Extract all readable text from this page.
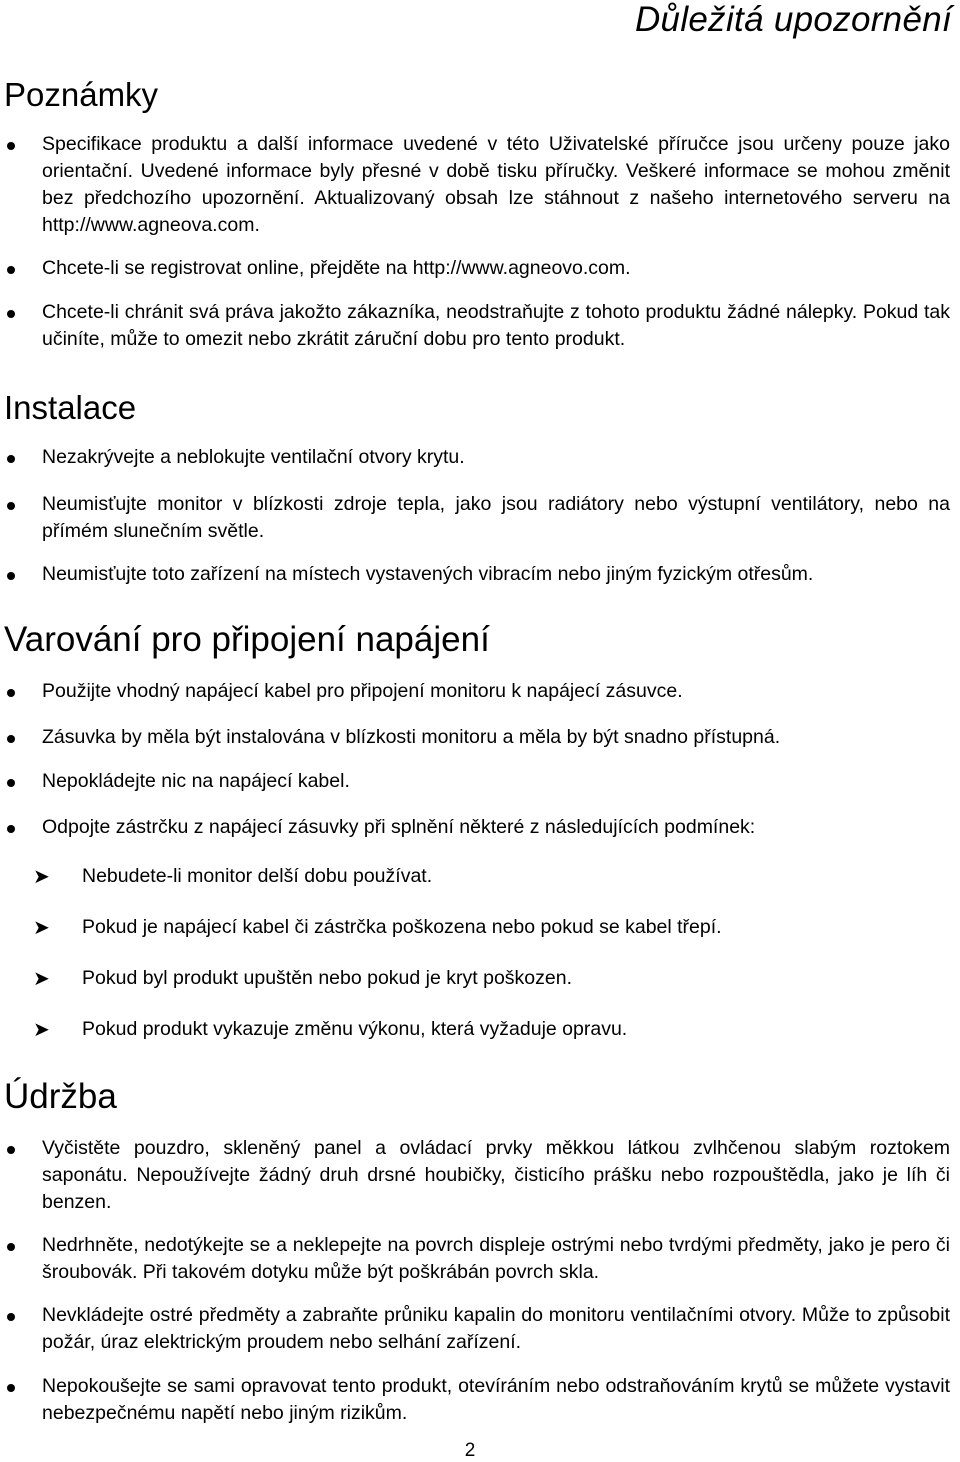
Důležitá upozornění
Poznámky
Specifikace produktu a další informace uvedené v této Uživatelské příručce jsou určeny pouze jako orientační. Uvedené informace byly přesné v době tisku příručky. Veškeré informace se mohou změnit bez předchozího upozornění. Aktualizovaný obsah lze stáhnout z našeho internetového serveru na http://www.agneova.com.
Chcete-li se registrovat online, přejděte na http://www.agneovo.com.
Chcete-li chránit svá práva jakožto zákazníka, neodstraňujte z tohoto produktu žádné nálepky. Pokud tak učiníte, může to omezit nebo zkrátit záruční dobu pro tento produkt.
Instalace
Nezakrývejte a neblokujte ventilační otvory krytu.
Neumisťujte monitor v blízkosti zdroje tepla, jako jsou radiátory nebo výstupní ventilátory, nebo na přímém slunečním světle.
Neumisťujte toto zařízení na místech vystavených vibracím nebo jiným fyzickým otřesům.
Varování pro připojení napájení
Použijte vhodný napájecí kabel pro připojení monitoru k napájecí zásuvce.
Zásuvka by měla být instalována v blízkosti monitoru a měla by být snadno přístupná.
Nepokládejte nic na napájecí kabel.
Odpojte zástrčku z napájecí zásuvky při splnění některé z následujících podmínek:
➤ Nebudete-li monitor delší dobu používat.
➤ Pokud je napájecí kabel či zástrčka poškozena nebo pokud se kabel třepí.
➤ Pokud byl produkt upuštěn nebo pokud je kryt poškozen.
➤ Pokud produkt vykazuje změnu výkonu, která vyžaduje opravu.
Údržba
Vyčistěte pouzdro, skleněný panel a ovládací prvky měkkou látkou zvlhčenou slabým roztokem saponátu. Nepoužívejte žádný druh drsné houbičky, čisticího prášku nebo rozpouštědla, jako je líh či benzen.
Nedrhněte, nedotýkejte se a neklepejte na povrch displeje ostrými nebo tvrdými předměty, jako je pero či šroubovák. Při takovém dotyku může být poškrábán povrch skla.
Nevkládejte ostré předměty a zabraňte průniku kapalin do monitoru ventilačními otvory. Může to způsobit požár, úraz elektrickým proudem nebo selhání zařízení.
Nepokoušejte se sami opravovat tento produkt, otevíráním nebo odstraňováním krytů se můžete vystavit nebezpečnému napětí nebo jiným rizikům.
2
